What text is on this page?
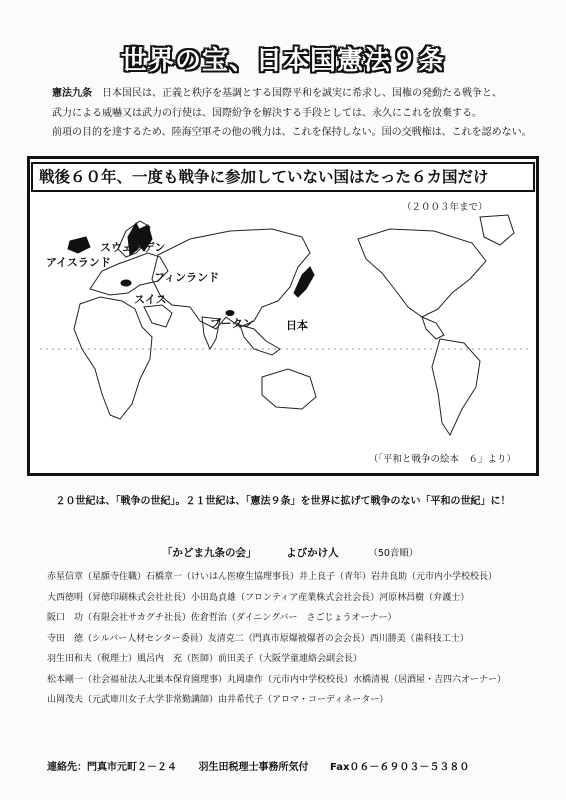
世界の宝、日本国憲法９条
憲法九条　 日本国民は、正義と秩序を基調とする国際平和を誠実に希求し、国権の発動たる戦争と、
武力による威嚇又は武力の行使は、国際紛争を解決する手段としては、永久にこれを放棄する。
前項の目的を達するため、陸海空軍その他の戦力は、これを保持しない。国の交戦権は、これを認めない。
戦後６０年、一度も戦争に参加していない国はたった６カ国だけ
（２００３年まで）
アイスランド
スウェーデン
フィンランド
スイス
ブータン	日本
（「平和と戦争の絵本　６」より）
２０世紀は、「戦争の世紀」。２１世紀は、「憲法９条」を世界に拡げて戦争のない「平和の世紀」に！
「かどま九条の会」	よびかけ人	（50音順）
赤星信章（星願寺住職）石橋章一（けいはん医療生協理事長）井上良子（青年）岩井良助（元市内小学校校長）
大西徳明（昇徳印刷株式会社社長）小田島貞雄（フロンティア産業株式会社会長）河原林昌樹（弁護士）
阪口　功（有限会社サカグチ社長）佐倉哲治（ダイニングバー　さごじょうオーナー）
寺田　徳（シルバー人材センター委員）友清克二（門真市原爆被爆者の会会長）西川勝美（歯科技工士）
羽生田和夫（税理士）風呂内　充（医師）前田美子（大阪学童連絡会副会長）
松本剛一（社会福祉法人北巣本保育園理事）丸岡康作（元市内中学校校長）水橋清視（居酒屋・吉四六オーナー）
山岡茂夫（元武庫川女子大学非常勤講師）由井希代子（アロマ・コーディネーター）
連絡先：門真市元町２－２４ 羽生田税理士事務所気付 Fax０６－６９０３－５３８０
